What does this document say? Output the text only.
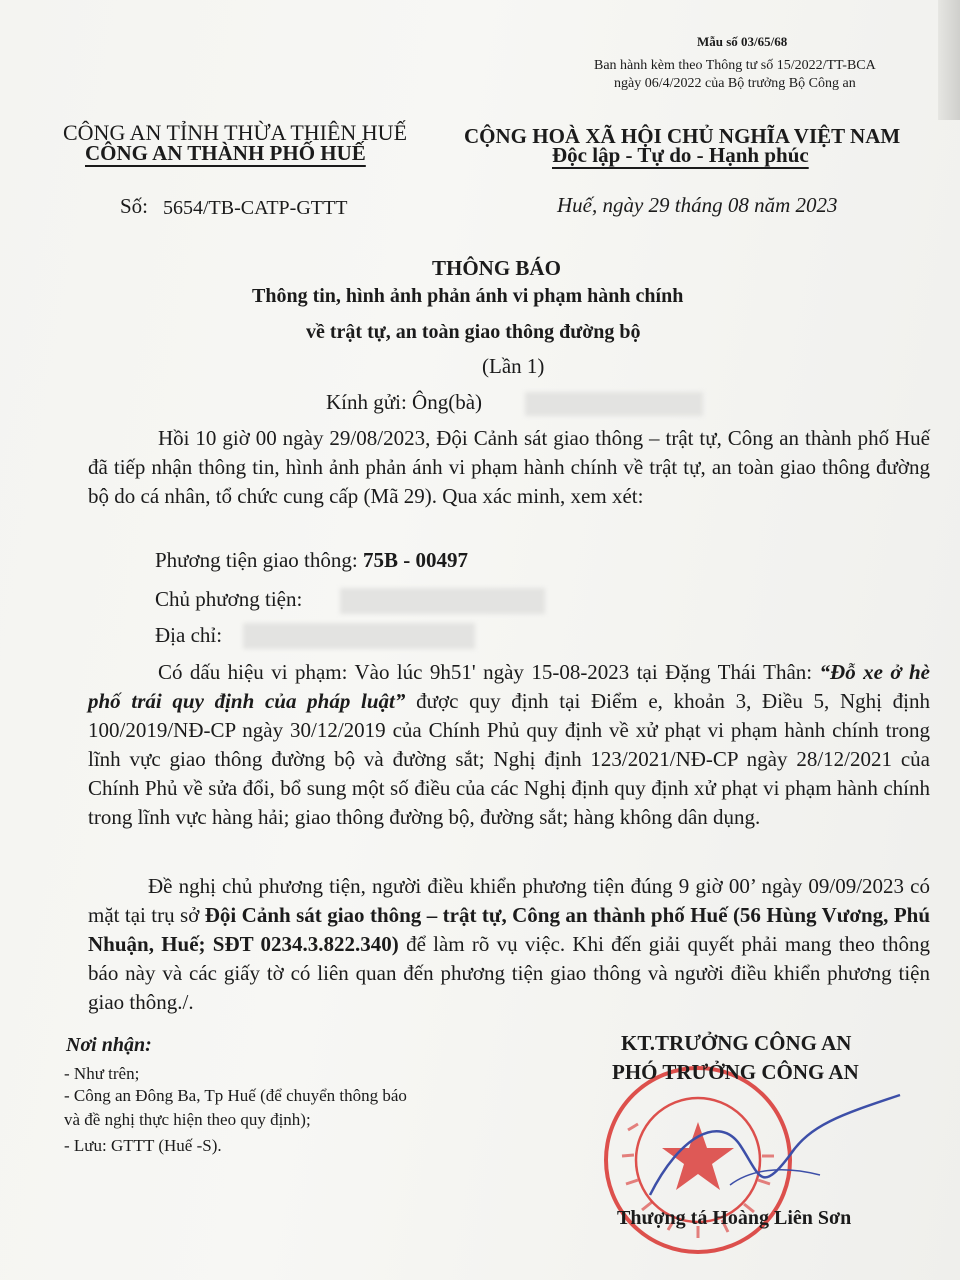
Mẫu số 03/65/68
Ban hành kèm theo Thông tư số 15/2022/TT-BCA
ngày 06/4/2022 của Bộ trưởng Bộ Công an
CÔNG AN TỈNH THỪA THIÊN HUẾ
CÔNG AN THÀNH PHỐ HUẾ
Số: 5654/TB-CATP-GTTT
CỘNG HOÀ XÃ HỘI CHỦ NGHĨA VIỆT NAM
Độc lập - Tự do - Hạnh phúc
Huế, ngày 29 tháng 08 năm 2023
THÔNG BÁO
Thông tin, hình ảnh phản ánh vi phạm hành chính
về trật tự, an toàn giao thông đường bộ
(Lần 1)
Kính gửi: Ông(bà)
Hồi 10 giờ 00 ngày 29/08/2023, Đội Cảnh sát giao thông – trật tự, Công an thành phố Huế đã tiếp nhận thông tin, hình ảnh phản ánh vi phạm hành chính về trật tự, an toàn giao thông đường bộ do cá nhân, tổ chức cung cấp (Mã 29). Qua xác minh, xem xét:
Phương tiện giao thông: 75B - 00497
Chủ phương tiện:
Địa chỉ:
Có dấu hiệu vi phạm: Vào lúc 9h51' ngày 15-08-2023 tại Đặng Thái Thân: “Đỗ xe ở hè phố trái quy định của pháp luật” được quy định tại Điểm e, khoản 3, Điều 5, Nghị định 100/2019/NĐ-CP ngày 30/12/2019 của Chính Phủ quy định về xử phạt vi phạm hành chính trong lĩnh vực giao thông đường bộ và đường sắt; Nghị định 123/2021/NĐ-CP ngày 28/12/2021 của Chính Phủ về sửa đổi, bổ sung một số điều của các Nghị định quy định xử phạt vi phạm hành chính trong lĩnh vực hàng hải; giao thông đường bộ, đường sắt; hàng không dân dụng.
Đề nghị chủ phương tiện, người điều khiển phương tiện đúng 9 giờ 00’ ngày 09/09/2023 có mặt tại trụ sở Đội Cảnh sát giao thông – trật tự, Công an thành phố Huế (56 Hùng Vương, Phú Nhuận, Huế; SĐT 0234.3.822.340) để làm rõ vụ việc. Khi đến giải quyết phải mang theo thông báo này và các giấy tờ có liên quan đến phương tiện giao thông và người điều khiển phương tiện giao thông./.
Nơi nhận:
- Như trên;
- Công an Đông Ba, Tp Huế (để chuyển thông báo
và đề nghị thực hiện theo quy định);
- Lưu: GTTT (Huế -S).
KT.TRƯỞNG CÔNG AN
PHÓ TRƯỞNG CÔNG AN
Thượng tá Hoàng Liên Sơn
